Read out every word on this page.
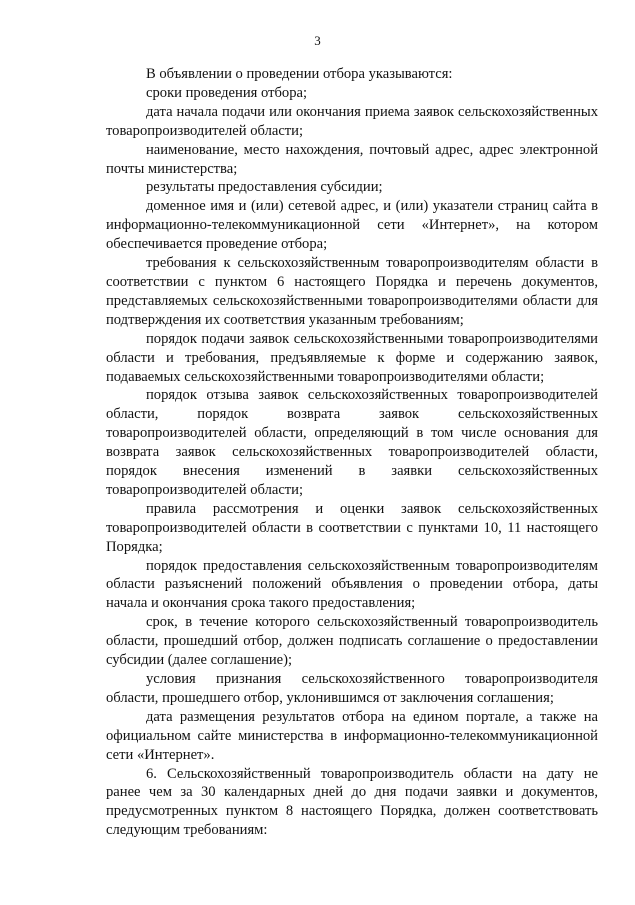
3

В объявлении о проведении отбора указываются:

сроки проведения отбора;

дата начала подачи или окончания приема заявок сельскохозяйственных товаропроизводителей области;

наименование, место нахождения, почтовый адрес, адрес электронной почты министерства;

результаты предоставления субсидии;

доменное имя и (или) сетевой адрес, и (или) указатели страниц сайта в информационно-телекоммуникационной сети «Интернет», на котором обеспечивается проведение отбора;

требования к сельскохозяйственным товаропроизводителям области в соответствии с пунктом 6 настоящего Порядка и перечень документов, представляемых сельскохозяйственными товаропроизводителями области для подтверждения их соответствия указанным требованиям;

порядок подачи заявок сельскохозяйственными товаропроизводителями области и требования, предъявляемые к форме и содержанию заявок, подаваемых сельскохозяйственными товаропроизводителями области;

порядок отзыва заявок сельскохозяйственных товаропроизводителей области, порядок возврата заявок сельскохозяйственных товаропроизводителей области, определяющий в том числе основания для возврата заявок сельскохозяйственных товаропроизводителей области, порядок внесения изменений в заявки сельскохозяйственных товаропроизводителей области;

правила рассмотрения и оценки заявок сельскохозяйственных товаропроизводителей области в соответствии с пунктами 10, 11 настоящего Порядка;

порядок предоставления сельскохозяйственным товаропроизводителям области разъяснений положений объявления о проведении отбора, даты начала и окончания срока такого предоставления;

срок, в течение которого сельскохозяйственный товаропроизводитель области, прошедший отбор, должен подписать соглашение о предоставлении субсидии (далее соглашение);

условия признания сельскохозяйственного товаропроизводителя области, прошедшего отбор, уклонившимся от заключения соглашения;

дата размещения результатов отбора на едином портале, а также на официальном сайте министерства в информационно-телекоммуникационной сети «Интернет».

6. Сельскохозяйственный товаропроизводитель области на дату не ранее чем за 30 календарных дней до дня подачи заявки и документов, предусмотренных пунктом 8 настоящего Порядка, должен соответствовать следующим требованиям:
